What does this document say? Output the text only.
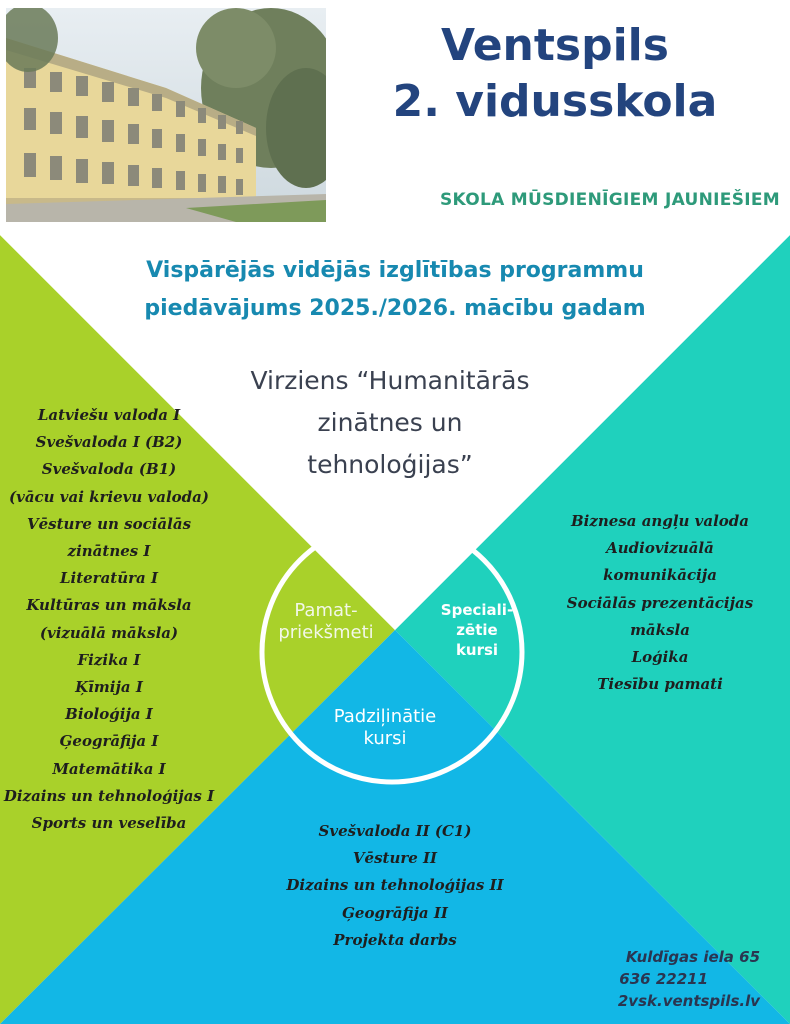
Ventspils
2. vidusskola
SKOLA MŪSDIENĪGIEM JAUNIEŠIEM
Vispārējās vidējās izglītības programmu
piedāvājums 2025./2026. mācību gadam
Virziens “Humanitārās
zinātnes un
tehnoloģijas”
Latviešu valoda I
Svešvaloda I (B2)
Svešvaloda (B1)
(vācu vai krievu valoda)
Vēsture un sociālās
zinātnes I
Literatūra I
Kultūras un māksla
(vizuālā māksla)
Fizika I
Ķīmija I
Bioloģija I
Ģeogrāfija I
Matemātika I
Dizains un tehnoloģijas I
Sports un veselība
Biznesa angļu valoda
Audiovizuālā
komunikācija
Sociālās prezentācijas
māksla
Loģika
Tiesību pamati
Svešvaloda II (C1)
Vēsture II
Dizains un tehnoloģijas II
Ģeogrāfija II
Projekta darbs
Pamat-
priekšmeti
Speciali-
zētie
kursi
Padziļinātie
kursi
Kuldīgas iela 65
636 22211
2vsk.ventspils.lv
